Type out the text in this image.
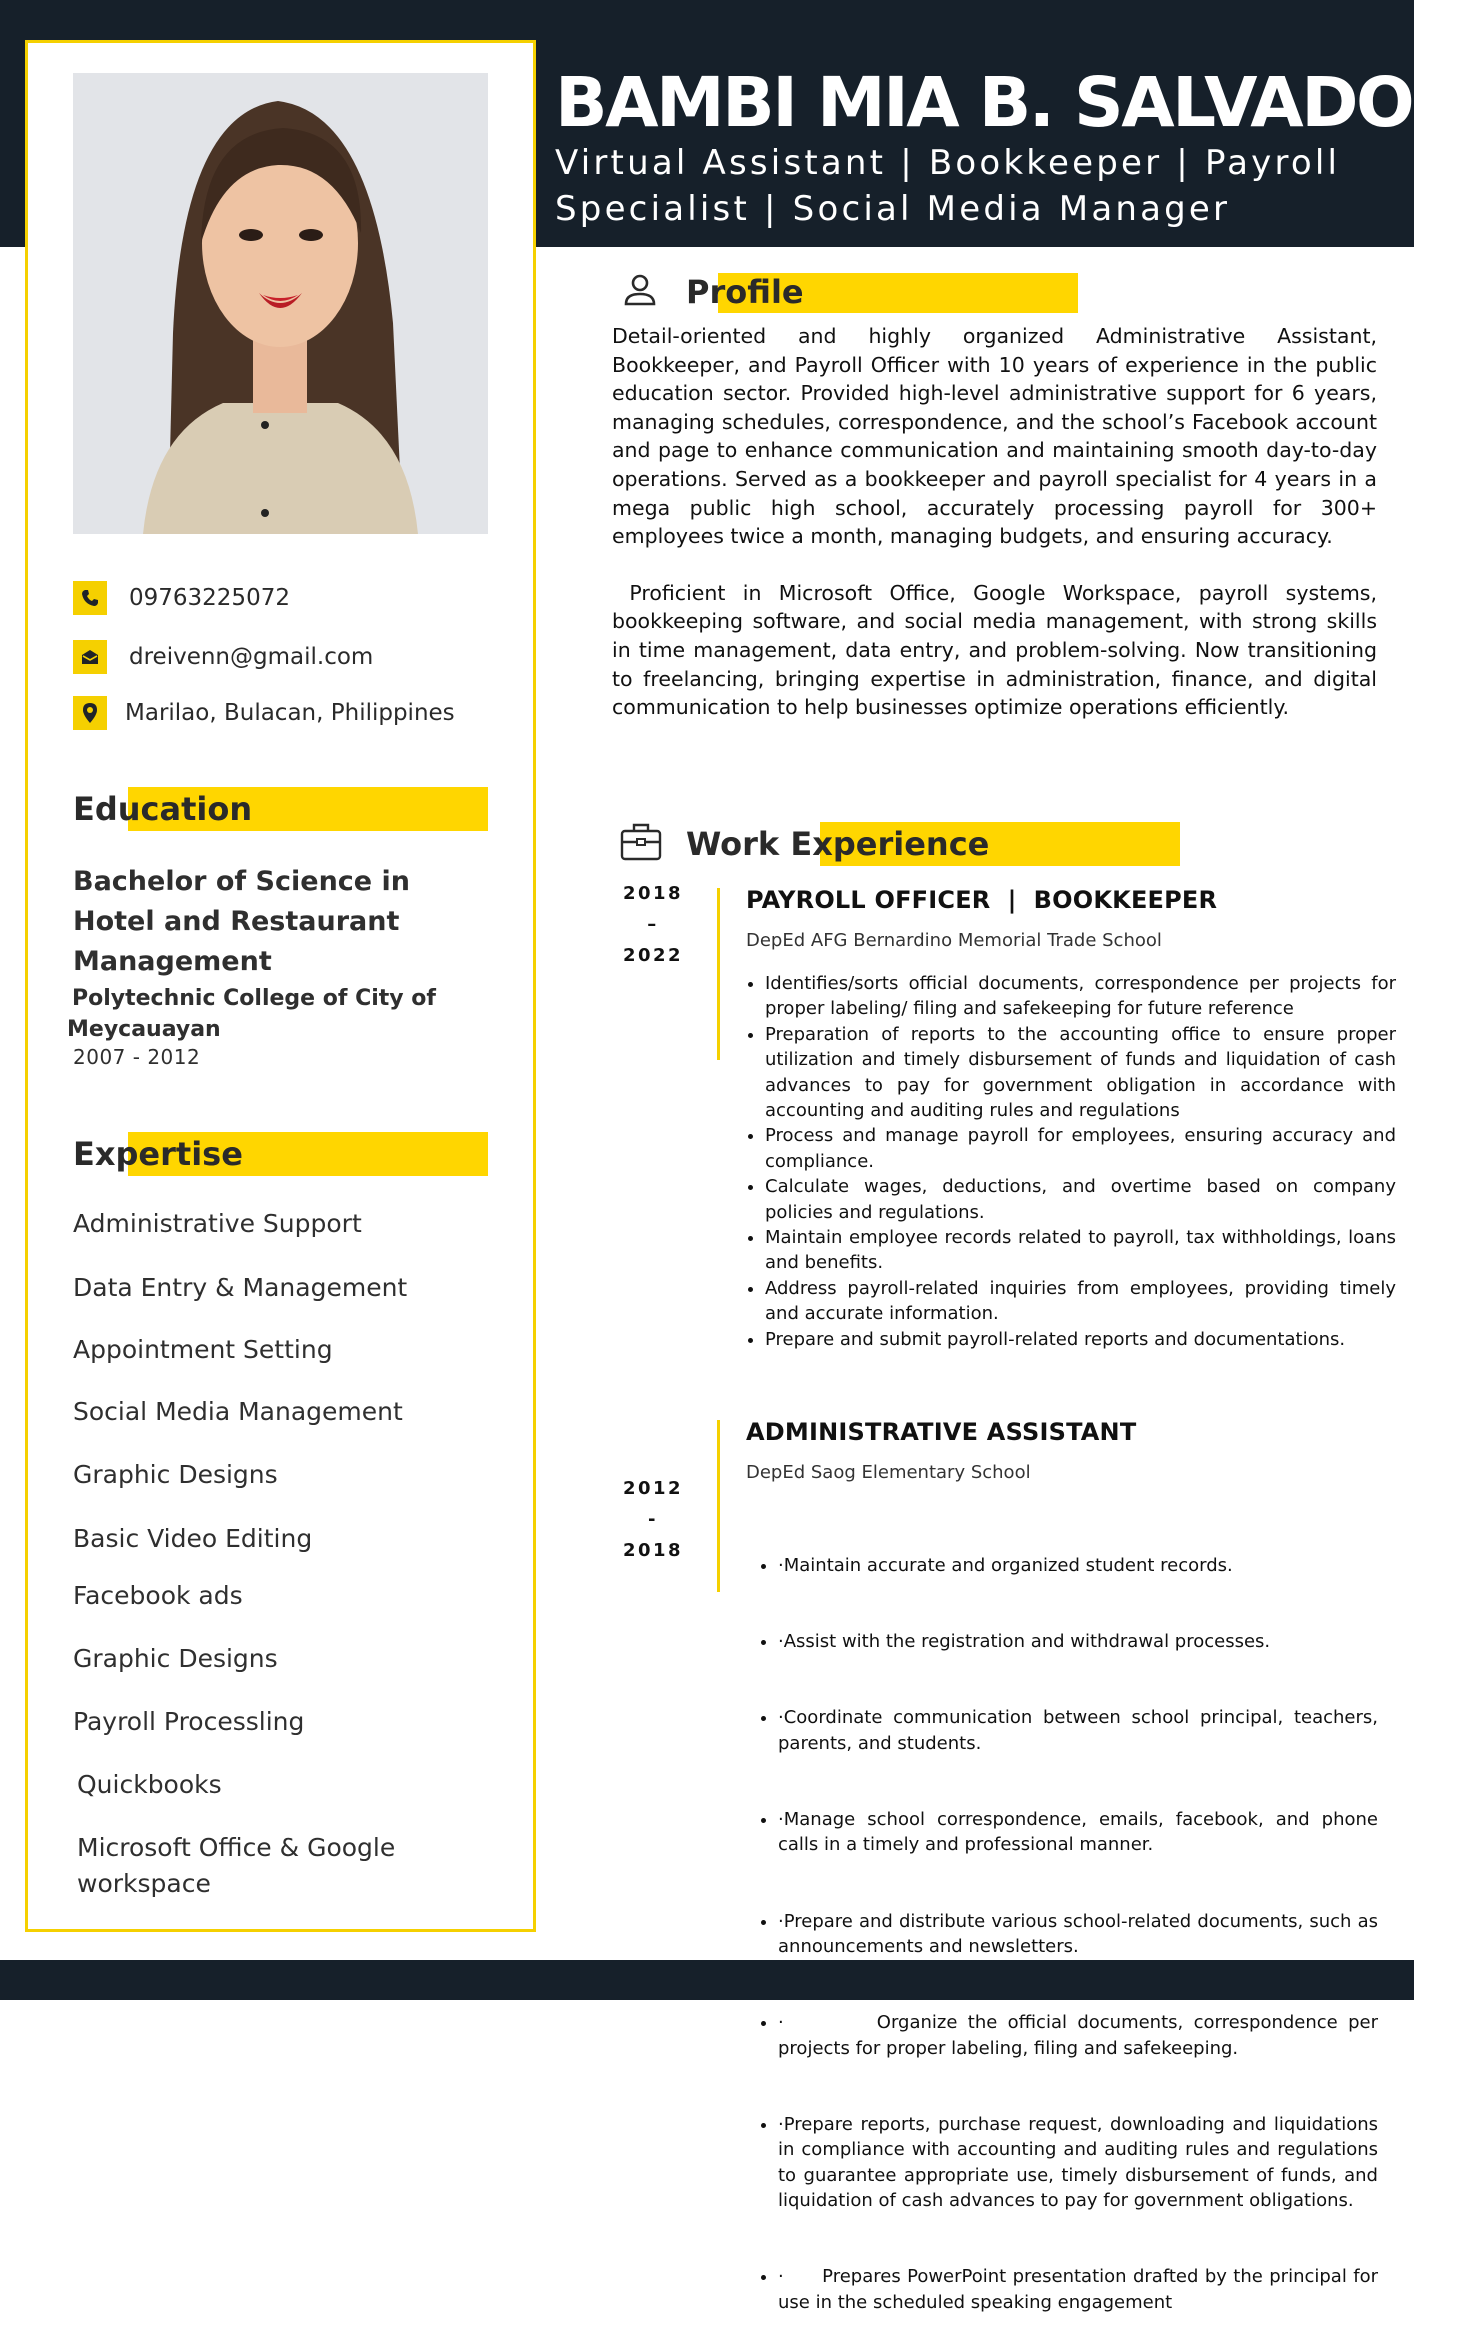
BAMBI MIA B. SALVADOR
Virtual Assistant | Bookkeeper | Payroll Specialist | Social Media Manager
09763225072
dreivenn@gmail.com
Marilao, Bulacan, Philippines
Education
Bachelor of Science in Hotel and Restaurant Management
Polytechnic College of City of Meycauayan
2007 - 2012
Expertise
Administrative Support
Data Entry & Management
Appointment Setting
Social Media Management
Graphic Designs
Basic Video Editing
Facebook ads
Graphic Designs
Payroll Processling
Quickbooks
Microsoft Office & Google workspace
Profile

Detail-oriented and highly organized Administrative Assistant, Bookkeeper, and Payroll Officer with 10 years of experience in the public education sector. Provided high-level administrative support for 6 years, managing schedules, correspondence, and the school’s Facebook account and page to enhance communication and maintaining smooth day-to-day operations. Served as a bookkeeper and payroll specialist for 4 years in a mega public high school, accurately processing payroll for 300+ employees twice a month, managing budgets, and ensuring accuracy.

Proficient in Microsoft Office, Google Workspace, payroll systems, bookkeeping software, and social media management, with strong skills in time management, data entry, and problem-solving. Now transitioning to freelancing, bringing expertise in administration, finance, and digital communication to help businesses optimize operations efficiently.

Work Experience
2018
–
2022
PAYROLL OFFICER  |  BOOKKEEPER
DepEd AFG Bernardino Memorial Trade School
• Identifies/sorts official documents, correspondence per projects for proper labeling/ filing and safekeeping for future reference
• Preparation of reports to the accounting office to ensure proper utilization and timely disbursement of funds and liquidation of cash advances to pay for government obligation in accordance with accounting and auditing rules and regulations
• Process and manage payroll for employees, ensuring accuracy and compliance.
• Calculate wages, deductions, and overtime based on company policies and regulations.
• Maintain employee records related to payroll, tax withholdings, loans and benefits.
• Address payroll-related inquiries from employees, providing timely and accurate information.
• Prepare and submit payroll-related reports and documentations.
2012
-
2018
ADMINISTRATIVE ASSISTANT
DepEd Saog Elementary School

• ·Maintain accurate and organized student records.

• ·Assist with the registration and withdrawal processes.

• ·Coordinate communication between school principal, teachers, parents, and students.

• ·Manage school correspondence, emails, facebook, and phone calls in a timely and professional manner.

• ·Prepare and distribute various school-related documents, such as announcements and newsletters.

• ·         Organize the official documents, correspondence per projects for proper labeling, filing and safekeeping.

• ·Prepare reports, purchase request, downloading and liquidations in compliance with accounting and auditing rules and regulations to guarantee appropriate use, timely disbursement of funds, and liquidation of cash advances to pay for government obligations.

• ·      Prepares PowerPoint presentation drafted by the principal for use in the scheduled speaking engagement
